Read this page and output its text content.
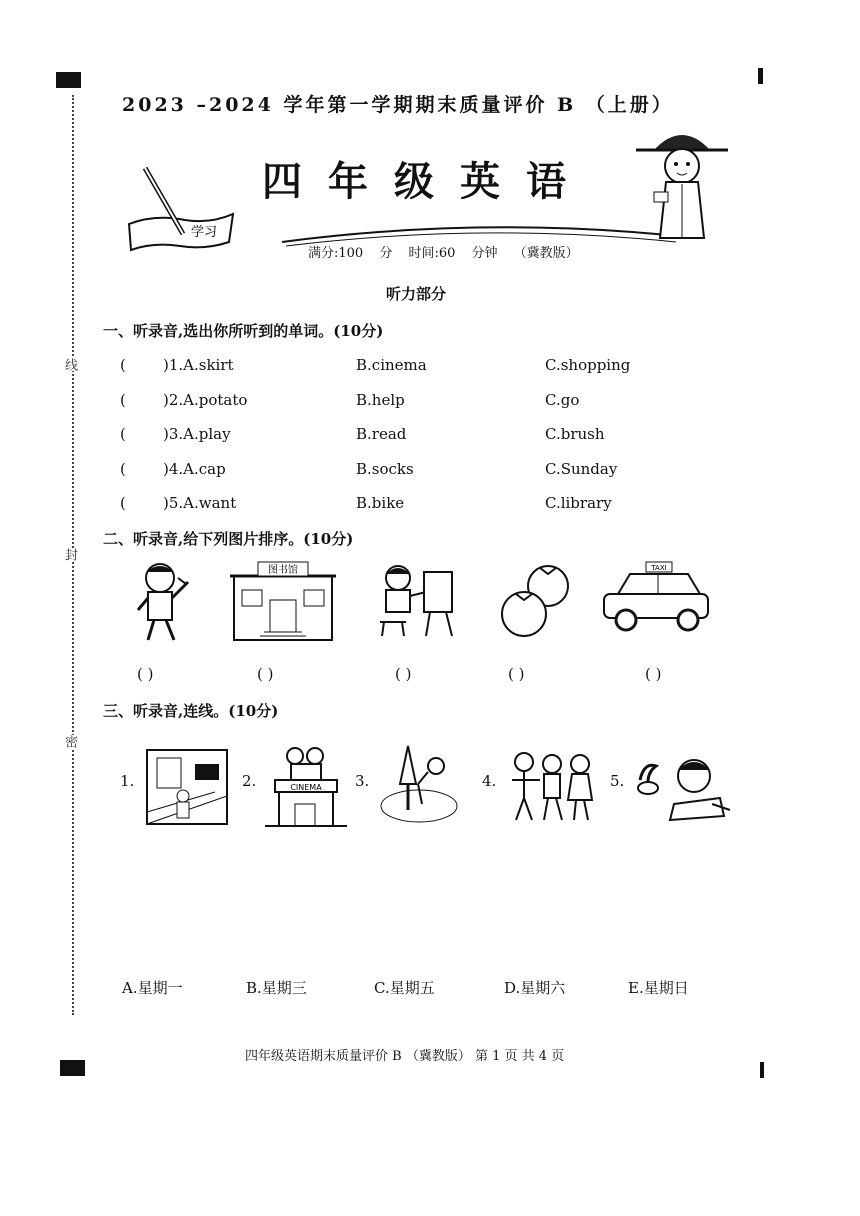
线
封
密
2023 –2024 学年第一学期期末质量评价 B （上册）
四年级英语
学习
满分:100 分 时间:60 分钟 （冀教版）
听力部分
一、听录音,选出你所听到的单词。(10分)
( )1.A.skirt	B.cinema	C.shopping
( )2.A.potato	B.help	C.go
( )3.A.play	B.read	C.brush
( )4.A.cap	B.socks	C.Sunday
( )5.A.want	B.bike	C.library
二、听录音,给下列图片排序。(10分)
图书馆	TAXI
( )	( )	( )	( )	( )
三、听录音,连线。(10分)
1.	2.	CINEMA 3.	4.	5.
A.星期一	B.星期三	C.星期五	D.星期六	E.星期日
四年级英语期末质量评价 B （冀教版） 第 1 页 共 4 页
